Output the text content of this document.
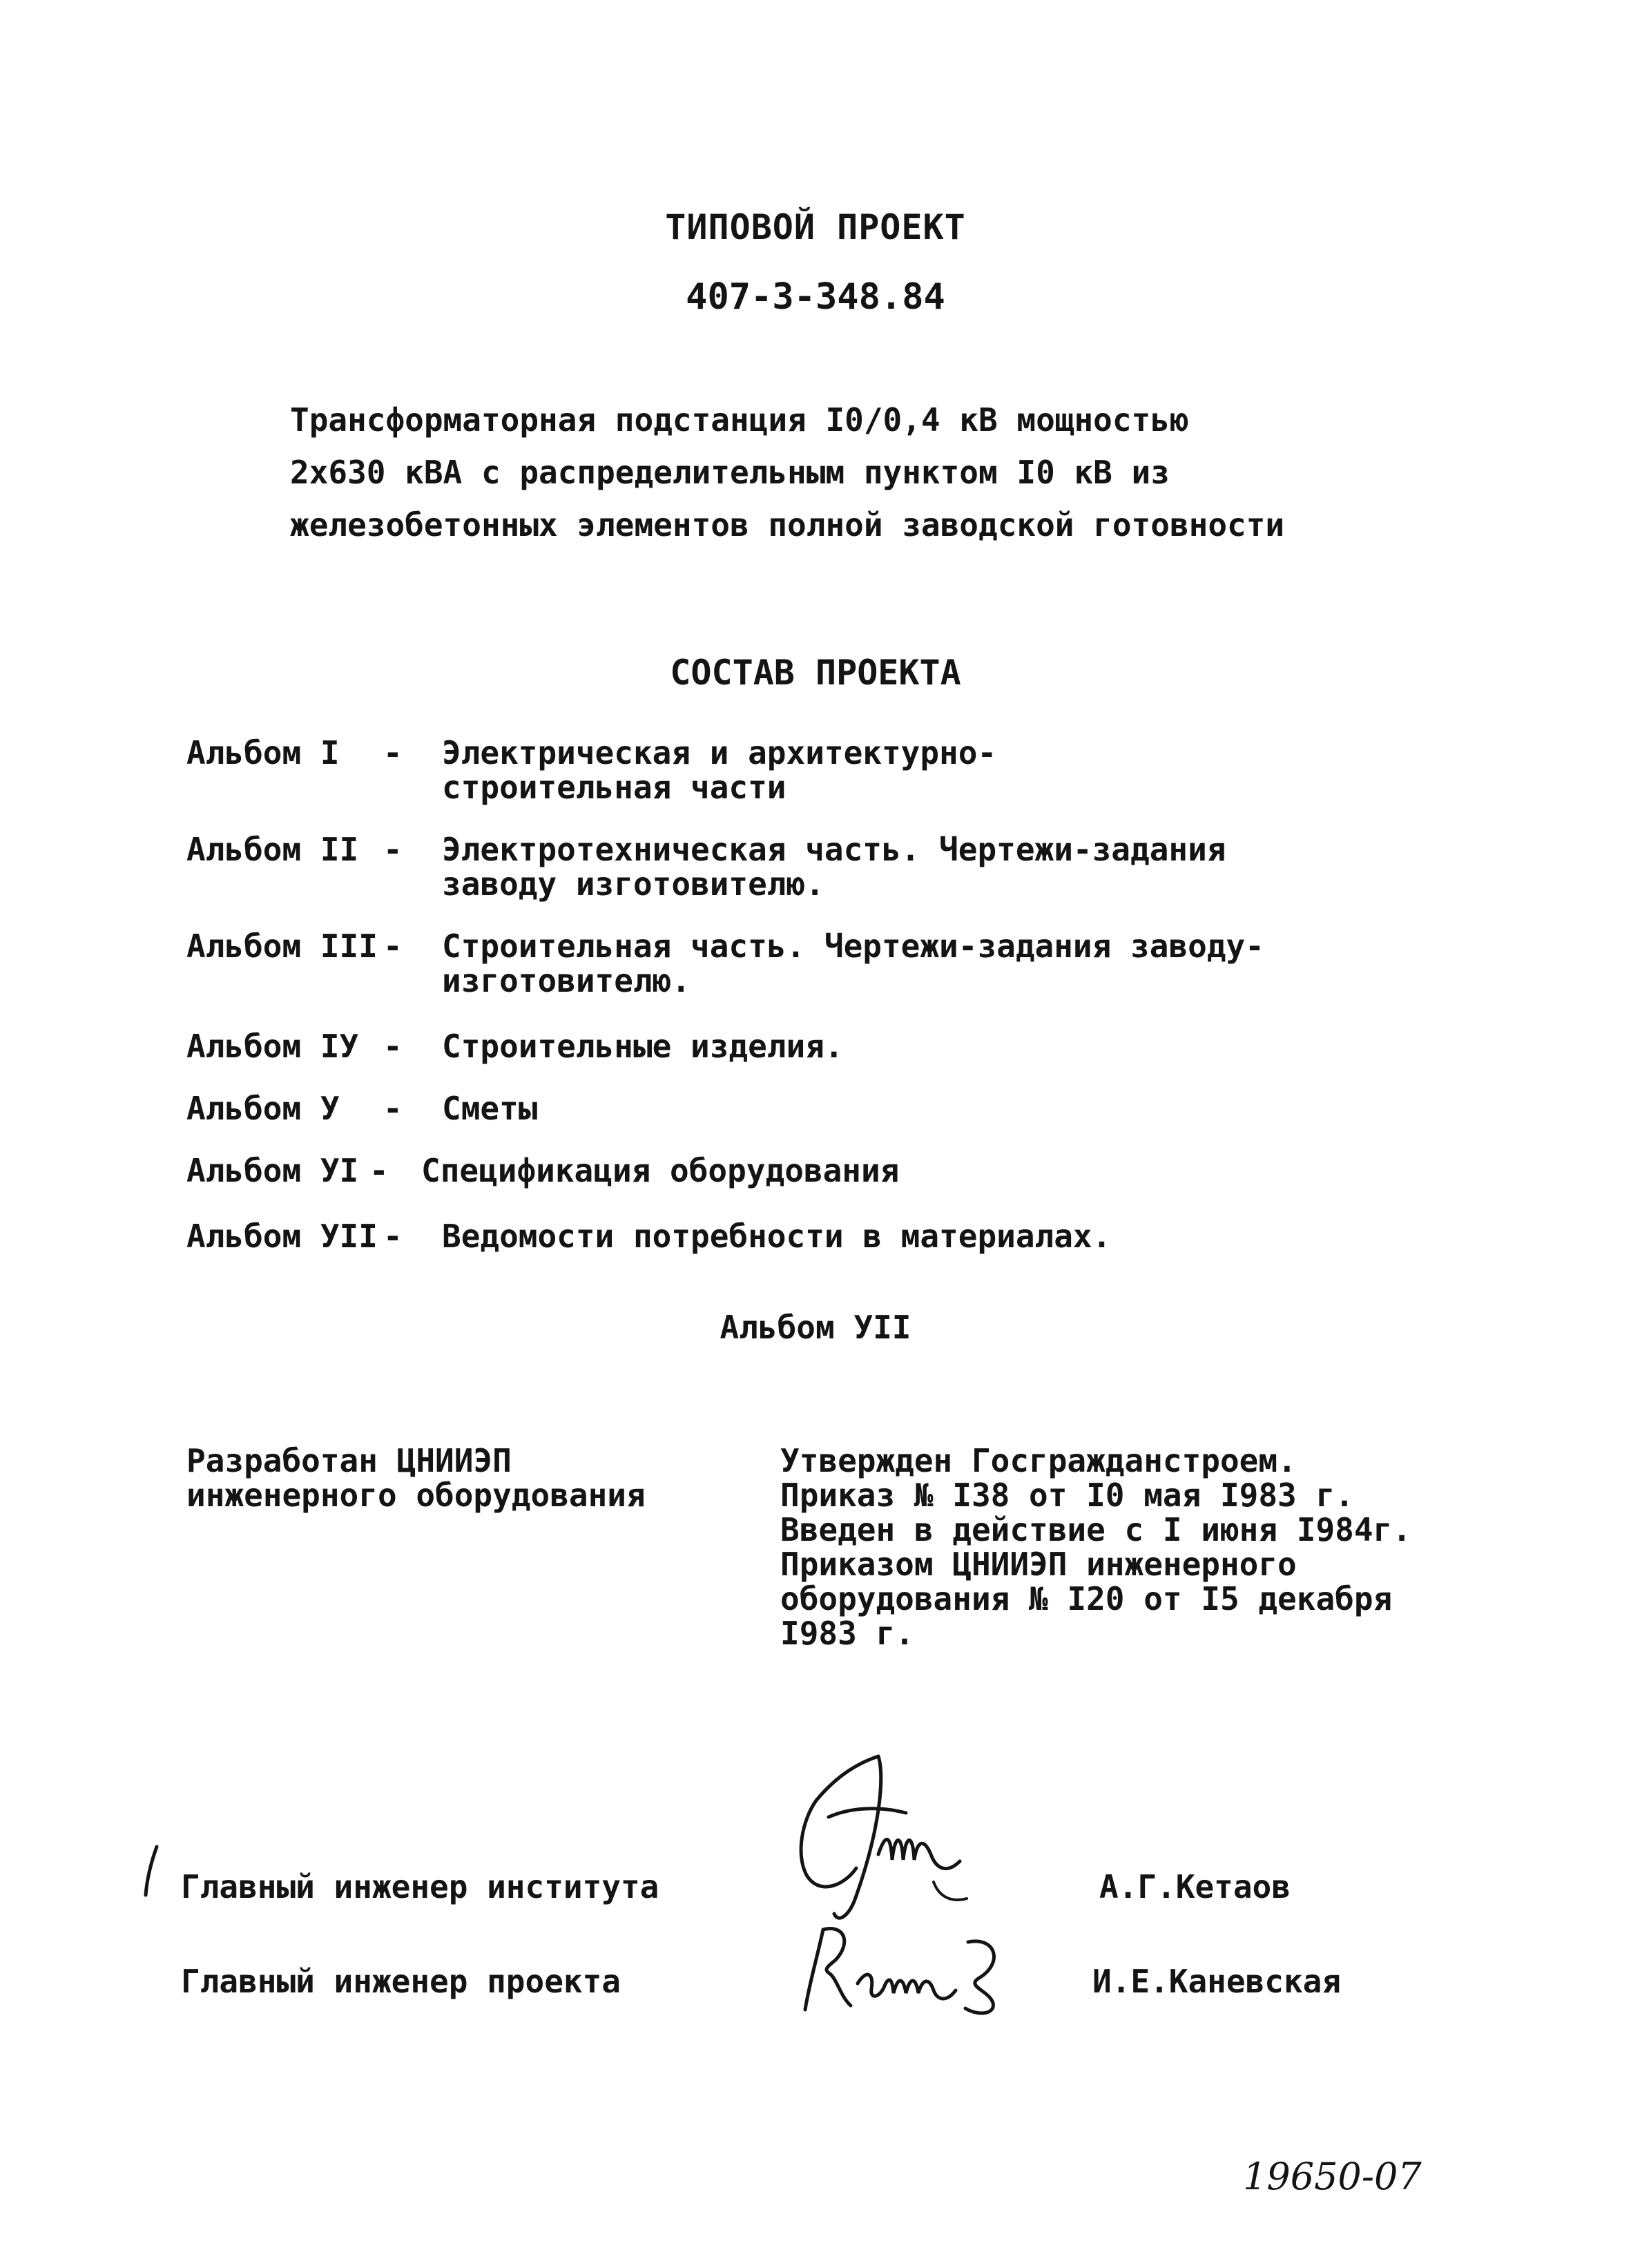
ТИПОВОЙ ПРОЕКТ
407-3-348.84
Трансформаторная подстанция I0/0,4 кВ мощностью
2х630 кВА с распределительным пунктом I0 кВ из
железобетонных элементов полной заводской готовности
СОСТАВ ПРОЕКТА
Альбом I - Электрическая и архитектурно-
строительная части
Альбом II - Электротехническая часть. Чертежи-задания
заводу изготовителю.
Альбом III - Строительная часть. Чертежи-задания заводу-
изготовителю.
Альбом IУ - Строительные изделия.
Альбом У - Сметы
Альбом УI - Спецификация оборудования
Альбом УII - Ведомости потребности в материалах.
Альбом УII
Разработан ЦНИИЭП
инженерного оборудования
Утвержден Госгражданстроем.
Приказ № I38 от I0 мая I983 г.
Введен в действие с I июня I984г.
Приказом ЦНИИЭП инженерного
оборудования № I20 от I5 декабря
I983 г.
Главный инженер института	А.Г.Кетаов
Главный инженер проекта	И.Е.Каневская
19650-07
